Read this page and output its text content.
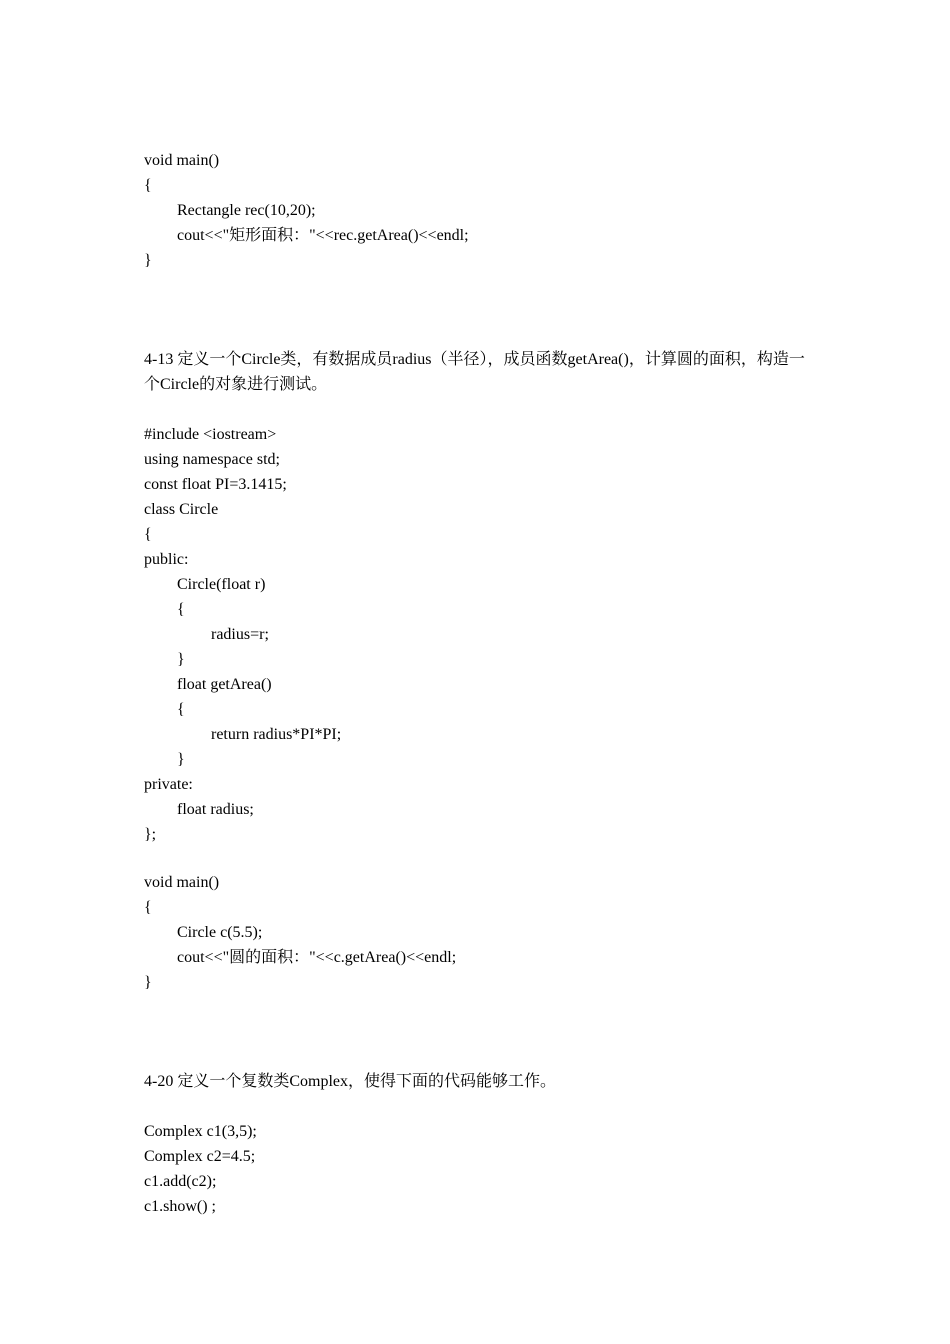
void main()
{
Rectangle rec(10,20);
cout<<"矩形面积："<<rec.getArea()<<endl;
}
4-13 定义一个Circle类，有数据成员radius（半径），成员函数getArea()，计算圆的面积，构造一个Circle的对象进行测试。
#include <iostream>
using namespace std;
const float PI=3.1415;
class Circle
{
public:
Circle(float r)
{
radius=r;
}
float getArea()
{
return radius*PI*PI;
}
private:
float radius;
};
void main()
{
Circle c(5.5);
cout<<"圆的面积："<<c.getArea()<<endl;
}
4-20 定义一个复数类Complex，使得下面的代码能够工作。
Complex c1(3,5);
Complex c2=4.5;
c1.add(c2);
c1.show() ;
